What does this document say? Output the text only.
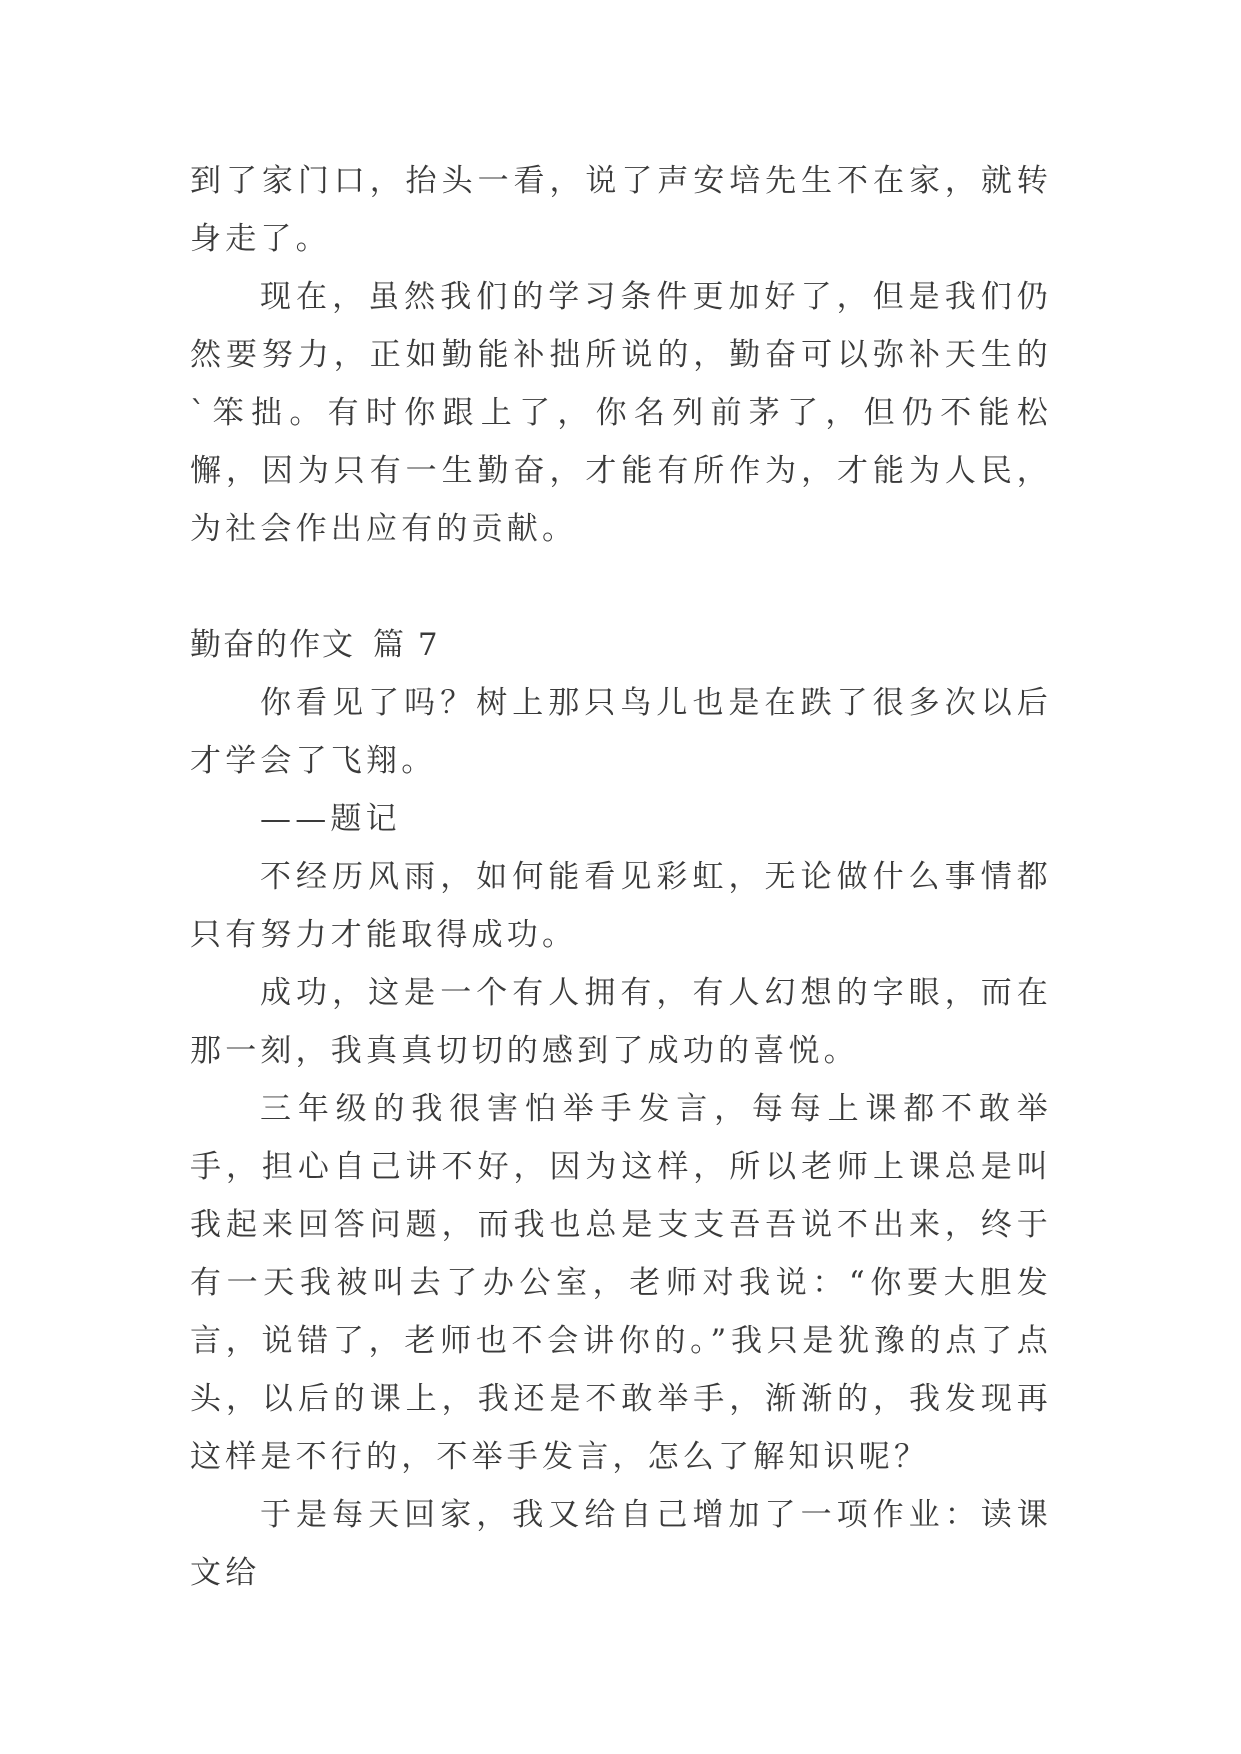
到了家门口，抬头一看，说了声安培先生不在家，就转身走了。

现在，虽然我们的学习条件更加好了，但是我们仍然要努力，正如勤能补拙所说的，勤奋可以弥补天生的`笨拙。有时你跟上了，你名列前茅了，但仍不能松懈，因为只有一生勤奋，才能有所作为，才能为人民，为社会作出应有的贡献。

勤奋的作文 篇 7

你看见了吗？树上那只鸟儿也是在跌了很多次以后才学会了飞翔。

——题记

不经历风雨，如何能看见彩虹，无论做什么事情都只有努力才能取得成功。

成功，这是一个有人拥有，有人幻想的字眼，而在那一刻，我真真切切的感到了成功的喜悦。

三年级的我很害怕举手发言，每每上课都不敢举手，担心自己讲不好，因为这样，所以老师上课总是叫我起来回答问题，而我也总是支支吾吾说不出来，终于有一天我被叫去了办公室，老师对我说：“你要大胆发言，说错了，老师也不会讲你的。”我只是犹豫的点了点头，以后的课上，我还是不敢举手，渐渐的，我发现再这样是不行的，不举手发言，怎么了解知识呢？

于是每天回家，我又给自己增加了一项作业：读课文给
